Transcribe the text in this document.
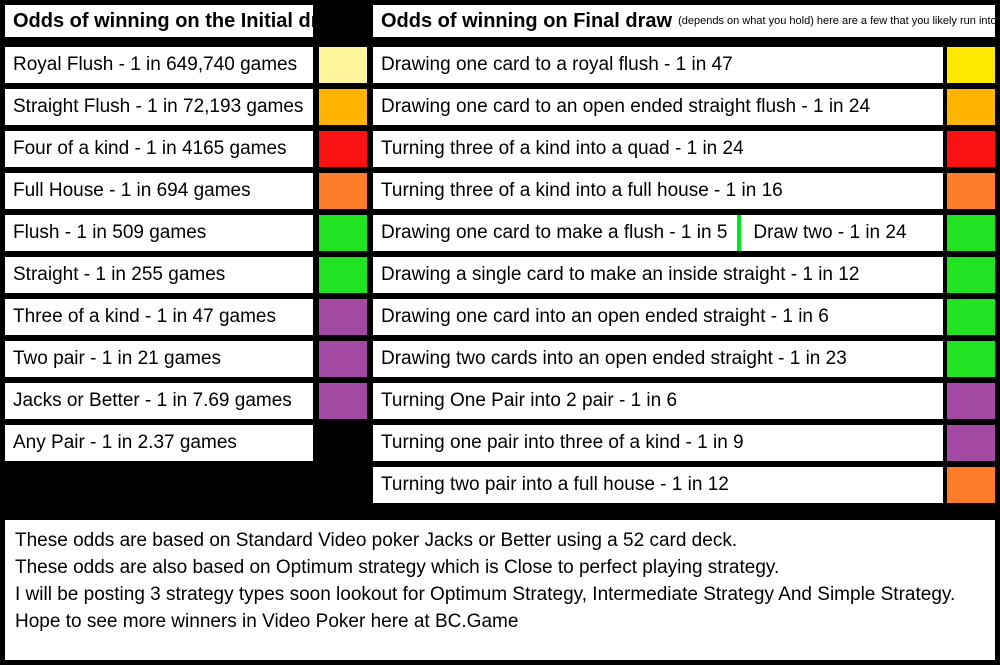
Odds of winning on the Initial draw	Odds of winning on Final draw (depends on what you hold) here are a few that you likely run into
Royal Flush - 1 in 649,740 games
Straight Flush - 1 in 72,193 games
Four of a kind - 1 in 4165 games
Full House - 1 in 694 games
Flush - 1 in 509 games
Straight - 1 in 255 games
Three of a kind - 1 in 47 games
Two pair - 1 in 21 games
Jacks or Better - 1 in 7.69 games
Any Pair - 1 in 2.37 games
Drawing one card to a royal flush - 1 in 47
Drawing one card to an open ended straight flush - 1 in 24
Turning three of a kind into a quad - 1 in 24
Turning three of a kind into a full house - 1 in 16
Drawing one card to make a flush - 1 in 5	Draw two - 1 in 24
Drawing a single card to make an inside straight - 1 in 12
Drawing one card into an open ended straight - 1 in 6
Drawing two cards into an open ended straight - 1 in 23
Turning One Pair into 2 pair - 1 in 6
Turning one pair into three of a kind - 1 in 9
Turning two pair into a full house - 1 in 12

These odds are based on Standard Video poker Jacks or Better using a 52 card deck.

These odds are also based on Optimum strategy which is Close to perfect playing strategy.

I will be posting 3 strategy types soon lookout for Optimum Strategy, Intermediate Strategy And Simple Strategy.

Hope to see more winners in Video Poker here at BC.Game
